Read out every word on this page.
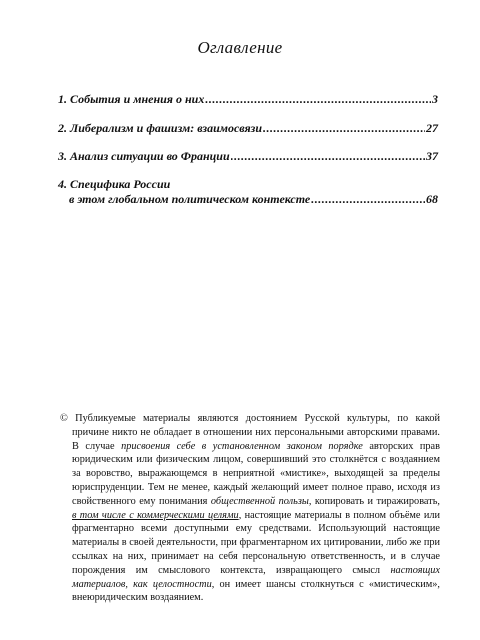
Оглавление
1. События и мнения о них .....	3
2. Либерализм и фашизм: взаимосвязи .....	27
3. Анализ ситуации во Франции .....	37
4. Специфика России
в этом глобальном политическом контексте .....	68

© Публикуемые материалы являются достоянием Русской культуры, по какой причине никто не обладает в отношении них персональными авторскими правами. В случае присвоения себе в установленном законом порядке авторских прав юридическим или физическим лицом, совершивший это столкнётся с воздаянием за воровство, выражающемся в неприятной «мистике», выходящей за пределы юриспруденции. Тем не менее, каждый желающий имеет полное право, исходя из свойственного ему понимания общественной пользы, копировать и тиражировать, в том числе с коммерческими целями, настоящие материалы в полном объёме или фрагментарно всеми доступными ему средствами. Использующий настоящие материалы в своей деятельности, при фрагментарном их цитировании, либо же при ссылках на них, принимает на себя персональную ответственность, и в случае порождения им смыслового контекста, извращающего смысл настоящих материалов, как целостности, он имеет шансы столкнуться с «мистическим», внеюридическим воздаянием.
